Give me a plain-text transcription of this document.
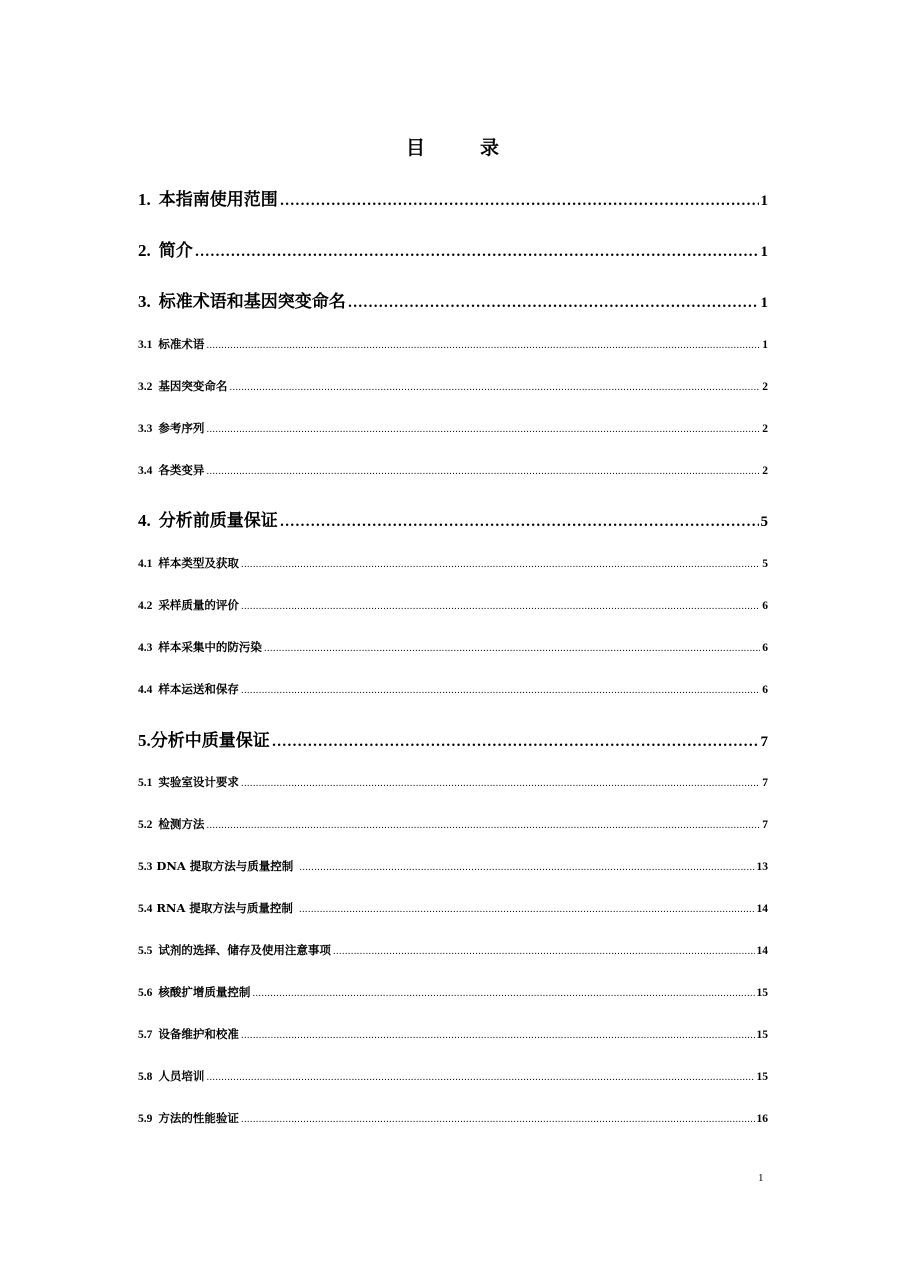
目　录
1. 本指南使用范围 .....	1
2. 简介 .....	1
3. 标准术语和基因突变命名 .....	1
3.1 标准术语 .....	1
3.2 基因突变命名 .....	2
3.3 参考序列 .....	2
3.4 各类变异 .....	2
4. 分析前质量保证 .....	5
4.1 样本类型及获取 .....	5
4.2 采样质量的评价 .....	6
4.3 样本采集中的防污染 .....	6
4.4 样本运送和保存 .....	6
5. 分析中质量保证 .....	7
5.1 实验室设计要求 .....	7
5.2 检测方法 .....	7
5.3 DNA 提取方法与质量控制 .....	13
5.4 RNA 提取方法与质量控制 .....	14
5.5 试剂的选择、储存及使用注意事项 .....	14
5.6 核酸扩增质量控制 .....	15
5.7 设备维护和校准 .....	15
5.8 人员培训 .....	15
5.9 方法的性能验证 .....	16
1
